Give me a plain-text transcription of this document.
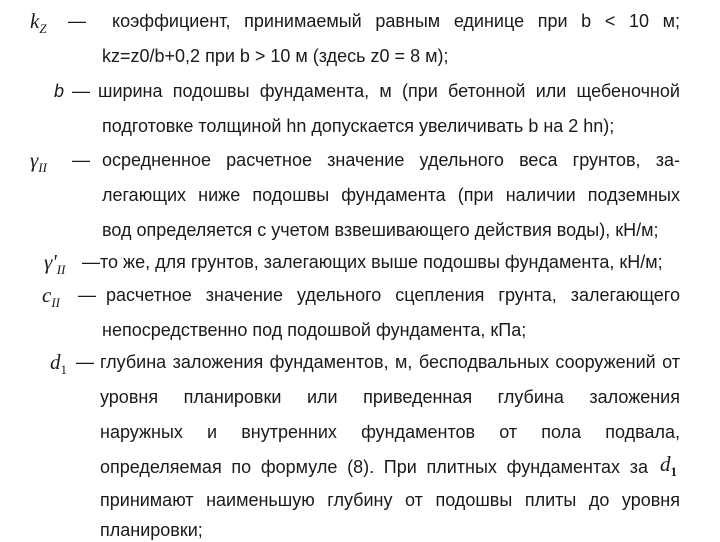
$k_Z$ — коэффициент, принимаемый равным единице при b < 10 м;
kz=z0/b+0,2 при b > 10 м (здесь z0 = 8 м);
b — ширина подошвы фундамента, м (при бетонной или щебеночной
подготовке толщиной hn допускается увеличивать b на 2 hn);
$\gamma_{II}$ — осредненное расчетное значение удельного веса грунтов, за-
легающих ниже подошвы фундамента (при наличии подземных
вод определяется с учетом взвешивающего действия воды), кН/м;
$\gamma'_{II}$ — то же, для грунтов, залегающих выше подошвы фундамента, кН/м;
$c_{II}$ — расчетное значение удельного сцепления грунта, залегающего
непосредственно под подошвой фундамента, кПа;
$d_1$ — глубина заложения фундаментов, м, бесподвальных сооружений от
уровня планировки или приведенная глубина заложения
наружных и внутренних фундаментов от пола подвала,
определяемая по формуле (8). При плитных фундаментах за $d_1$
принимают наименьшую глубину от подошвы плиты до уровня
планировки;
